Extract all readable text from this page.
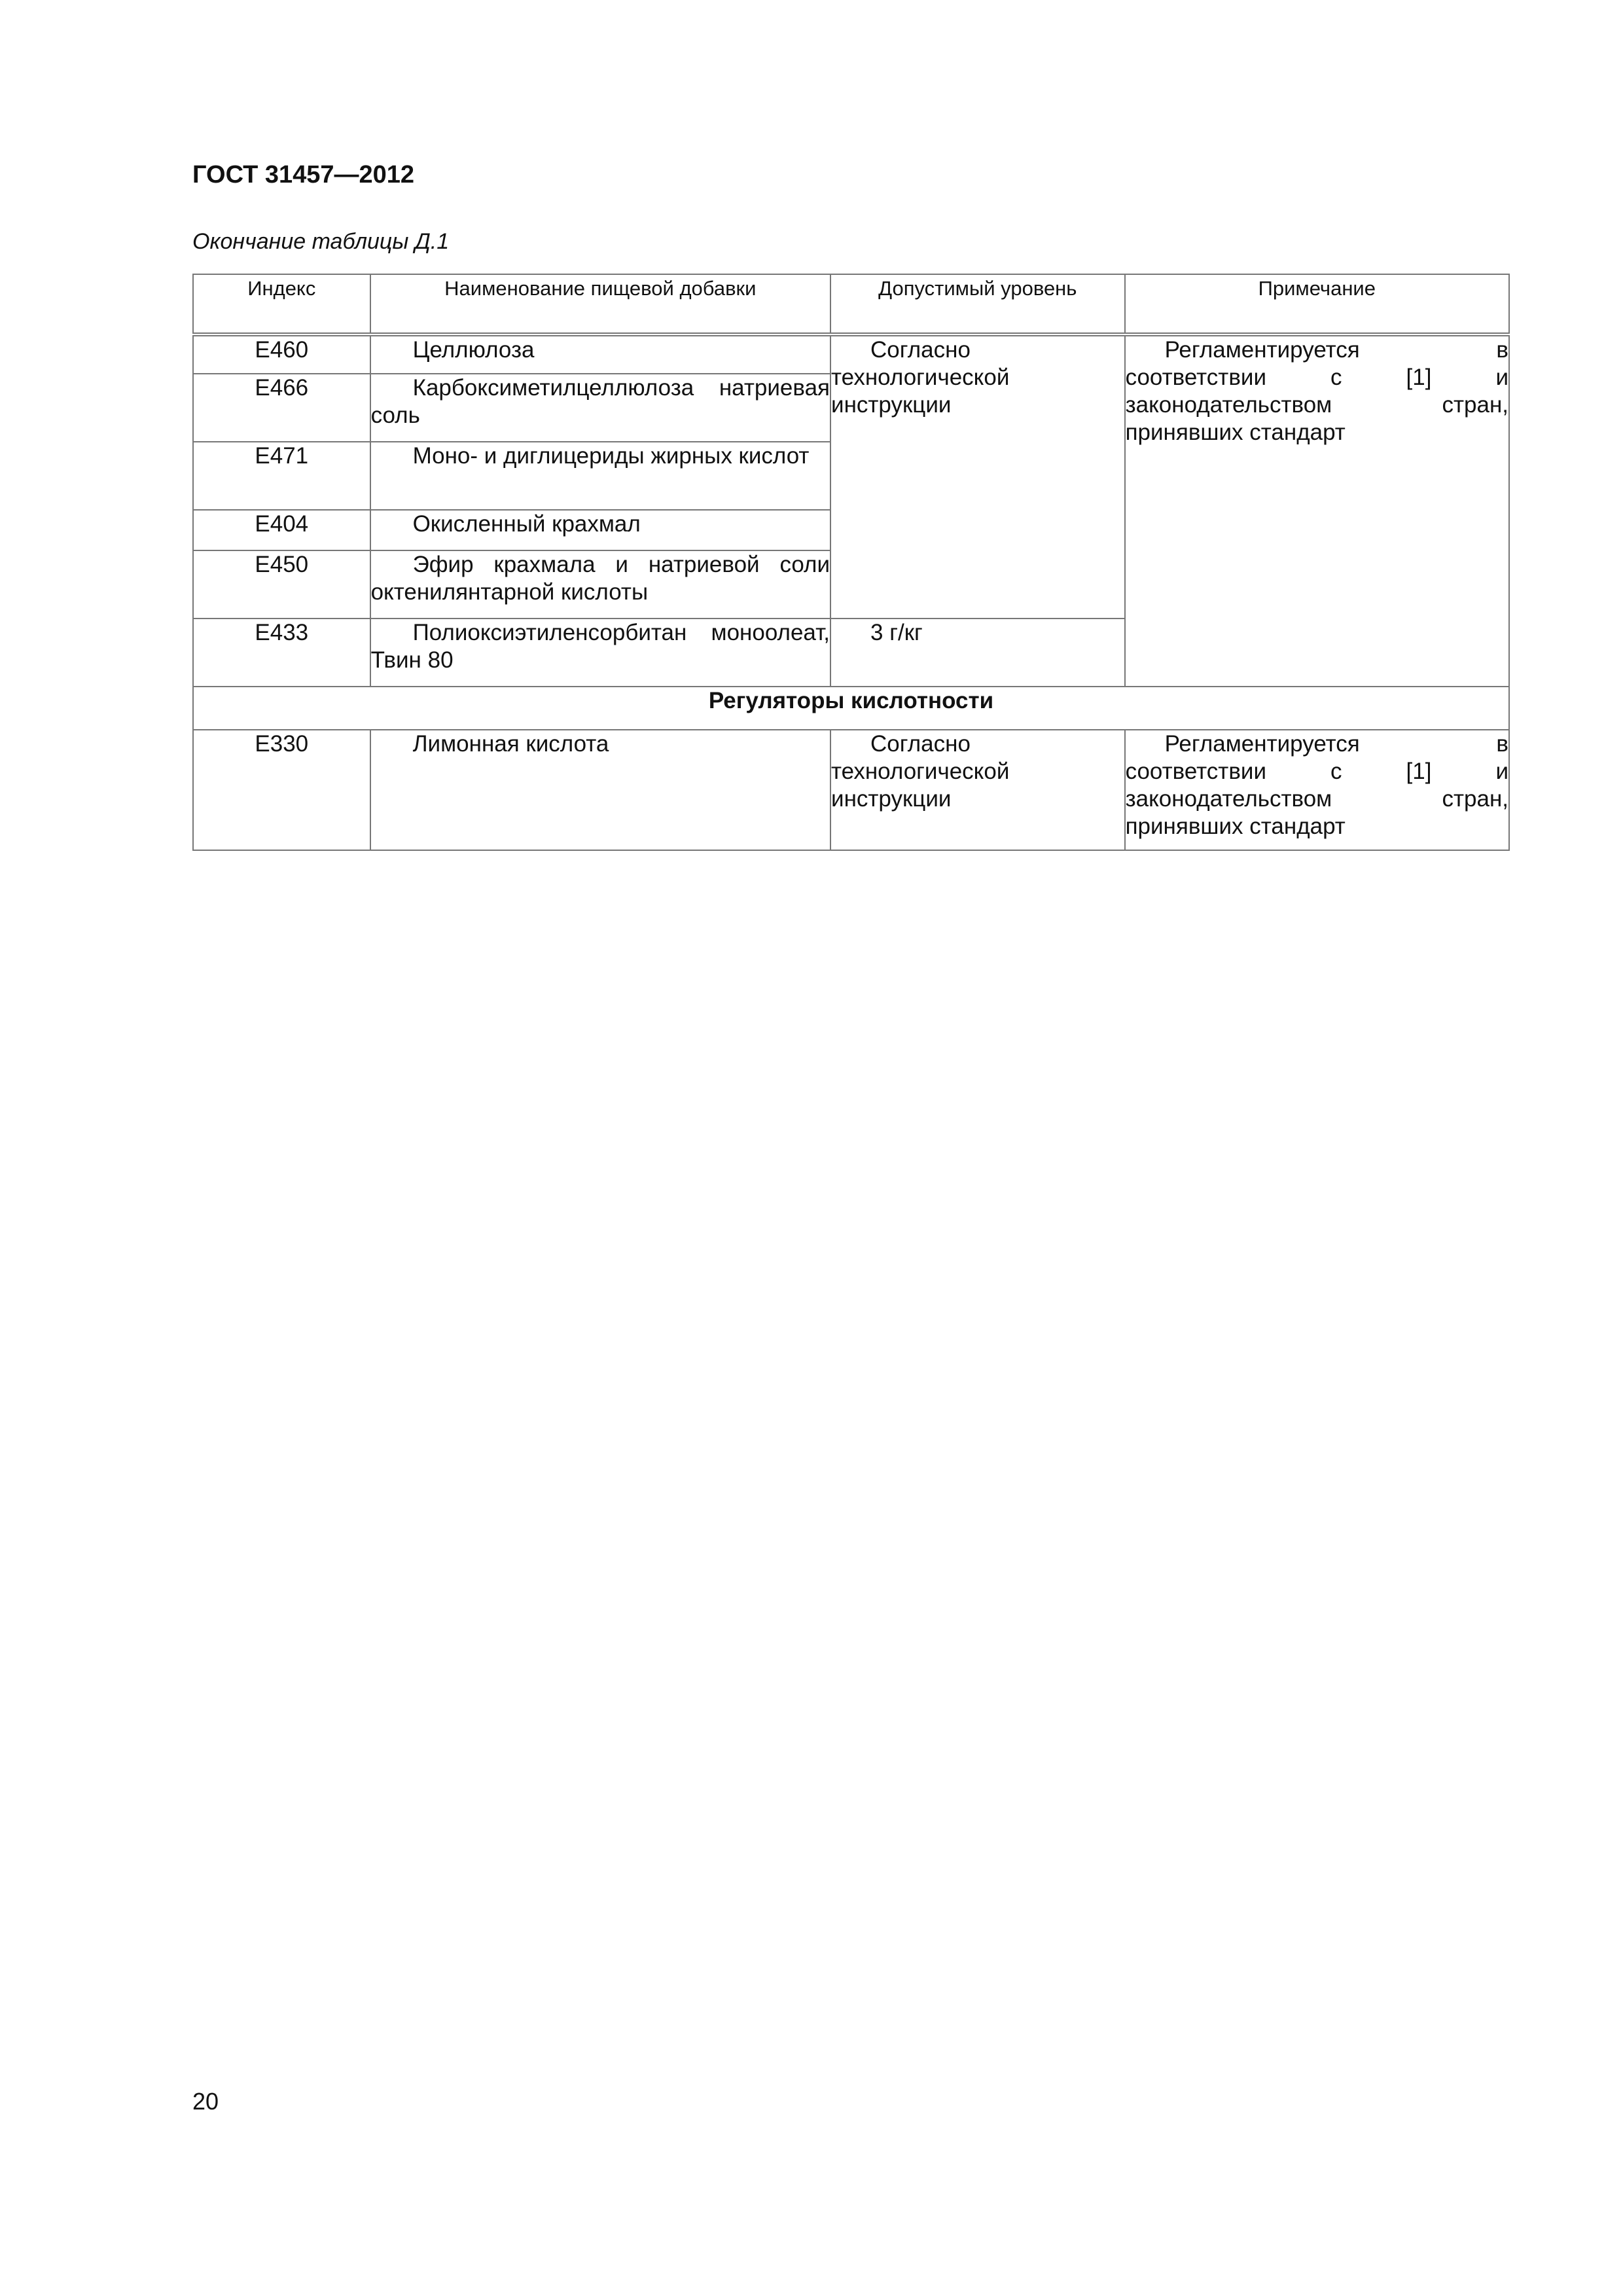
ГОСТ 31457—2012
Окончание таблицы Д.1
Индекс	Наименование пищевой добавки	Допустимый уровень	Примечание
Е460	Целлюлоза	Согласно технологической инструкции	Регламентируется в соответствии с [1] и законодательством стран, принявших стандарт

Е466	Карбоксиметилцеллюлоза натриевая соль		

Е471	Моно- и диглицериды жирных кислот		

Е404	Окисленный крахмал		

Е450	Эфир крахмала и натриевой соли октенилянтарной кислоты		

Е433	Полиоксиэтиленсорбитан моноолеат, Твин 80	3 г/кг	

Регуляторы кислотности			
Е330	Лимонная кислота	Согласно технологической инструкции	Регламентируется в соответствии с [1] и законодательством стран, принявших стандарт
20
